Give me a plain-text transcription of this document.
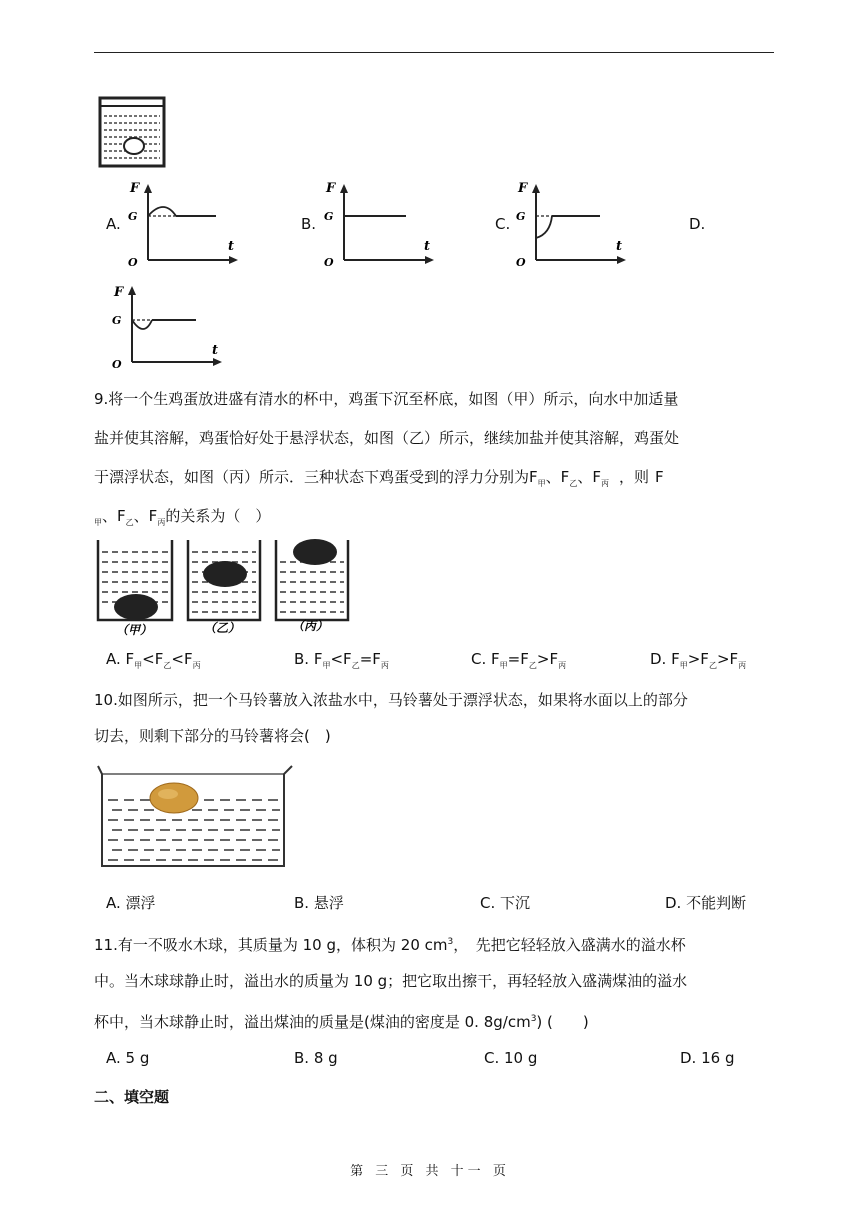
A.	B.	C.	D.
F
G
O
t
F
G
O
t
F
G
O
t
F
G
O
t
9.将一个生鸡蛋放进盛有清水的杯中，鸡蛋下沉至杯底，如图（甲）所示，向水中加适量
盐并使其溶解，鸡蛋恰好处于悬浮状态，如图（乙）所示，继续加盐并使其溶解，鸡蛋处
于漂浮状态，如图（丙）所示．三种状态下鸡蛋受到的浮力分别为$F_甲$、$F_乙$、$F_丙$ ，则 F
$_甲$、$F_乙$、$F_丙$的关系为（　）
（甲）	（乙）	（丙）
A. $F_甲<F_乙<F_丙$	B. $F_甲<F_乙=F_丙$	C. $F_甲=F_乙>F_丙$	D. $F_甲>F_乙>F_丙$
10.如图所示，把一个马铃薯放入浓盐水中，马铃薯处于漂浮状态，如果将水面以上的部分
切去，则剩下部分的马铃薯将会(　)
A. 漂浮	B. 悬浮	C. 下沉	D. 不能判断
11.有一不吸水木球，其质量为 10 g，体积为 20 $cm^3$，　先把它轻轻放入盛满水的溢水杯
中。当木球球静止时，溢出水的质量为 10 g；把它取出擦干，再轻轻放入盛满煤油的溢水
杯中，当木球静止时，溢出煤油的质量是(煤油的密度是 0. $8g/cm^3$) (　　)
A. 5 g	B. 8 g	C. 10 g	D. 16 g
二、填空题
第 三 页 共 十一 页
